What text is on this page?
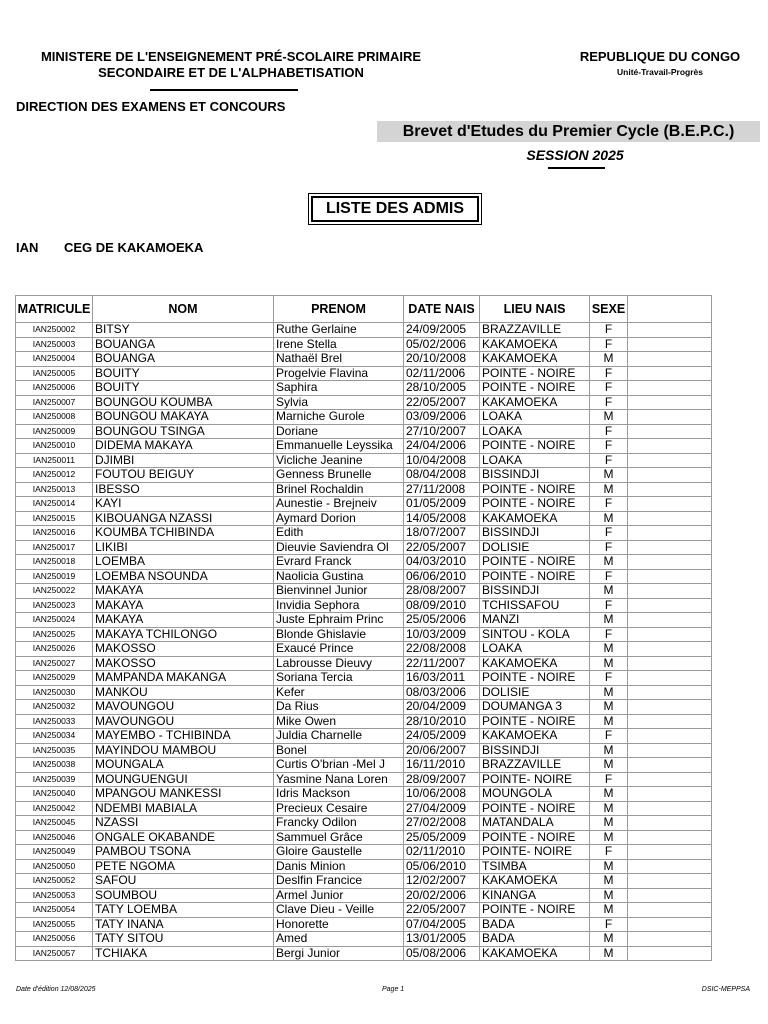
MINISTERE DE L'ENSEIGNEMENT PRÉ-SCOLAIRE PRIMAIRE
SECONDAIRE ET DE L'ALPHABETISATION
REPUBLIQUE DU CONGO
Unité-Travail-Progrès
DIRECTION DES EXAMENS ET CONCOURS
Brevet d'Etudes du Premier Cycle (B.E.P.C.)
SESSION 2025
LISTE DES ADMIS
IAN CEG DE KAKAMOEKA
MATRICULE	NOM	PRENOM	DATE NAIS	LIEU NAIS	SEXE	
IAN250002	BITSY	Ruthe Gerlaine	24/09/2005	BRAZZAVILLE	F	
IAN250003	BOUANGA	Irene Stella	05/02/2006	KAKAMOEKA	F	
IAN250004	BOUANGA	Nathaël Brel	20/10/2008	KAKAMOEKA	M	
IAN250005	BOUITY	Progelvie Flavina	02/11/2006	POINTE - NOIRE	F	
IAN250006	BOUITY	Saphira	28/10/2005	POINTE - NOIRE	F	
IAN250007	BOUNGOU KOUMBA	Sylvia	22/05/2007	KAKAMOEKA	F	
IAN250008	BOUNGOU MAKAYA	Marniche Gurole	03/09/2006	LOAKA	M	
IAN250009	BOUNGOU TSINGA	Doriane	27/10/2007	LOAKA	F	
IAN250010	DIDEMA MAKAYA	Emmanuelle Leyssika	24/04/2006	POINTE - NOIRE	F	
IAN250011	DJIMBI	Vicliche Jeanine	10/04/2008	LOAKA	F	
IAN250012	FOUTOU BEIGUY	Genness Brunelle	08/04/2008	BISSINDJI	M	
IAN250013	IBESSO	Brinel Rochaldin	27/11/2008	POINTE - NOIRE	M	
IAN250014	KAYI	Aunestie - Brejneiv	01/05/2009	POINTE - NOIRE	F	
IAN250015	KIBOUANGA NZASSI	Aymard Dorion	14/05/2008	KAKAMOEKA	M	
IAN250016	KOUMBA TCHIBINDA	Edith	18/07/2007	BISSINDJI	F	
IAN250017	LIKIBI	Dieuvie Saviendra Ol	22/05/2007	DOLISIE	F	
IAN250018	LOEMBA	Evrard Franck	04/03/2010	POINTE - NOIRE	M	
IAN250019	LOEMBA NSOUNDA	Naolicia Gustina	06/06/2010	POINTE - NOIRE	F	
IAN250022	MAKAYA	Bienvinnel Junior	28/08/2007	BISSINDJI	M	
IAN250023	MAKAYA	Invidia Sephora	08/09/2010	TCHISSAFOU	F	
IAN250024	MAKAYA	Juste Ephraim Princ	25/05/2006	MANZI	M	
IAN250025	MAKAYA TCHILONGO	Blonde Ghislavie	10/03/2009	SINTOU - KOLA	F	
IAN250026	MAKOSSO	Exaucé Prince	22/08/2008	LOAKA	M	
IAN250027	MAKOSSO	Labrousse Dieuvy	22/11/2007	KAKAMOEKA	M	
IAN250029	MAMPANDA MAKANGA	Soriana Tercia	16/03/2011	POINTE - NOIRE	F	
IAN250030	MANKOU	Kefer	08/03/2006	DOLISIE	M	
IAN250032	MAVOUNGOU	Da Rius	20/04/2009	DOUMANGA 3	M	
IAN250033	MAVOUNGOU	Mike Owen	28/10/2010	POINTE - NOIRE	M	
IAN250034	MAYEMBO - TCHIBINDA	Juldia Charnelle	24/05/2009	KAKAMOEKA	F	
IAN250035	MAYINDOU MAMBOU	Bonel	20/06/2007	BISSINDJI	M	
IAN250038	MOUNGALA	Curtis O'brian -Mel J	16/11/2010	BRAZZAVILLE	M	
IAN250039	MOUNGUENGUI	Yasmine Nana Loren	28/09/2007	POINTE- NOIRE	F	
IAN250040	MPANGOU MANKESSI	Idris Mackson	10/06/2008	MOUNGOLA	M	
IAN250042	NDEMBI MABIALA	Precieux Cesaire	27/04/2009	POINTE - NOIRE	M	
IAN250045	NZASSI	Francky Odilon	27/02/2008	MATANDALA	M	
IAN250046	ONGALE OKABANDE	Sammuel Grâce	25/05/2009	POINTE - NOIRE	M	
IAN250049	PAMBOU TSONA	Gloire Gaustelle	02/11/2010	POINTE- NOIRE	F	
IAN250050	PETE NGOMA	Danis Minion	05/06/2010	TSIMBA	M	
IAN250052	SAFOU	Deslfin Francice	12/02/2007	KAKAMOEKA	M	
IAN250053	SOUMBOU	Armel Junior	20/02/2006	KINANGA	M	
IAN250054	TATY LOEMBA	Clave Dieu - Veille	22/05/2007	POINTE - NOIRE	M	
IAN250055	TATY INANA	Honorette	07/04/2005	BADA	F	
IAN250056	TATY SITOU	Amed	13/01/2005	BADA	M	
IAN250057	TCHIAKA	Bergi Junior	05/08/2006	KAKAMOEKA	M	
Date d'édition 12/08/2025	Page 1	DSIC-MEPPSA
